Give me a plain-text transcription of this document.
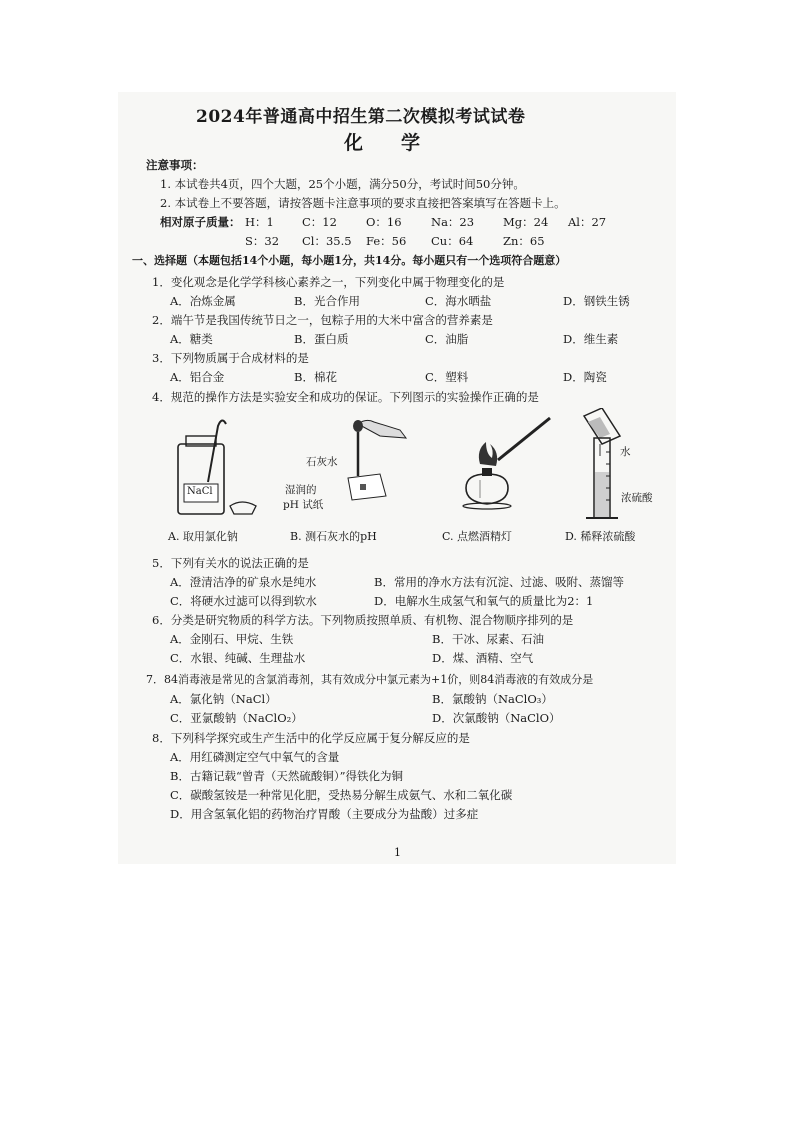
2024年普通高中招生第二次模拟考试试卷
化 学
注意事项：
1. 本试卷共4页，四个大题，25个小题，满分50分，考试时间50分钟。
2. 本试卷上不要答题，请按答题卡注意事项的要求直接把答案填写在答题卡上。
相对原子质量： H：1 C：12	O：16	Na：23	Mg：24 Al：27
S：32 Cl：35.5 Fe：56 Cu：64	Zn：65
一、选择题（本题包括14个小题，每小题1分，共14分。每小题只有一个选项符合题意）
1．变化观念是化学学科核心素养之一，下列变化中属于物理变化的是
A．冶炼金属	B．光合作用	C．海水晒盐	D．钢铁生锈
2．端午节是我国传统节日之一，包粽子用的大米中富含的营养素是
A．糖类	B．蛋白质	C．油脂	D．维生素
3．下列物质属于合成材料的是
A．铝合金	B．棉花	C．塑料	D．陶瓷
4．规范的操作方法是实验安全和成功的保证。下列图示的实验操作正确的是
NaCl
石灰水
湿润的
pH 试纸
水
浓硫酸
A. 取用氯化钠	B. 测石灰水的pH	C. 点燃酒精灯	D. 稀释浓硫酸
5．下列有关水的说法正确的是
A．澄清洁净的矿泉水是纯水	B．常用的净水方法有沉淀、过滤、吸附、蒸馏等
C．将硬水过滤可以得到软水	D．电解水生成氢气和氧气的质量比为2：1
6．分类是研究物质的科学方法。下列物质按照单质、有机物、混合物顺序排列的是
A．金刚石、甲烷、生铁	B．干冰、尿素、石油
C．水银、纯碱、生理盐水	D．煤、酒精、空气
7．84消毒液是常见的含氯消毒剂，其有效成分中氯元素为+1价，则84消毒液的有效成分是
A．氯化钠（NaCl）	B．氯酸钠（NaClO₃）
C．亚氯酸钠（NaClO₂）	D．次氯酸钠（NaClO）
8．下列科学探究或生产生活中的化学反应属于复分解反应的是
A．用红磷测定空气中氧气的含量
B．古籍记载“曾青（天然硫酸铜）”得铁化为铜
C．碳酸氢铵是一种常见化肥，受热易分解生成氨气、水和二氧化碳
D．用含氢氧化铝的药物治疗胃酸（主要成分为盐酸）过多症
1
